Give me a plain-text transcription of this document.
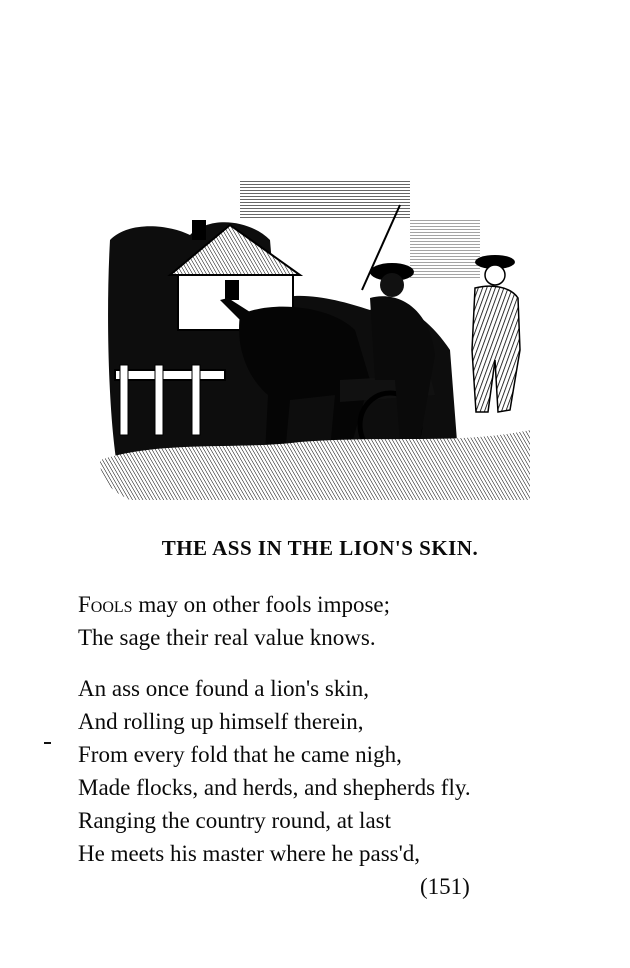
THE ASS IN THE LION'S SKIN.
Fools may on other fools impose;
The sage their real value knows.
An ass once found a lion's skin,
And rolling up himself therein,
From every fold that he came nigh,
Made flocks, and herds, and shepherds fly.
Ranging the country round, at last
He meets his master where he pass'd,
(151)
